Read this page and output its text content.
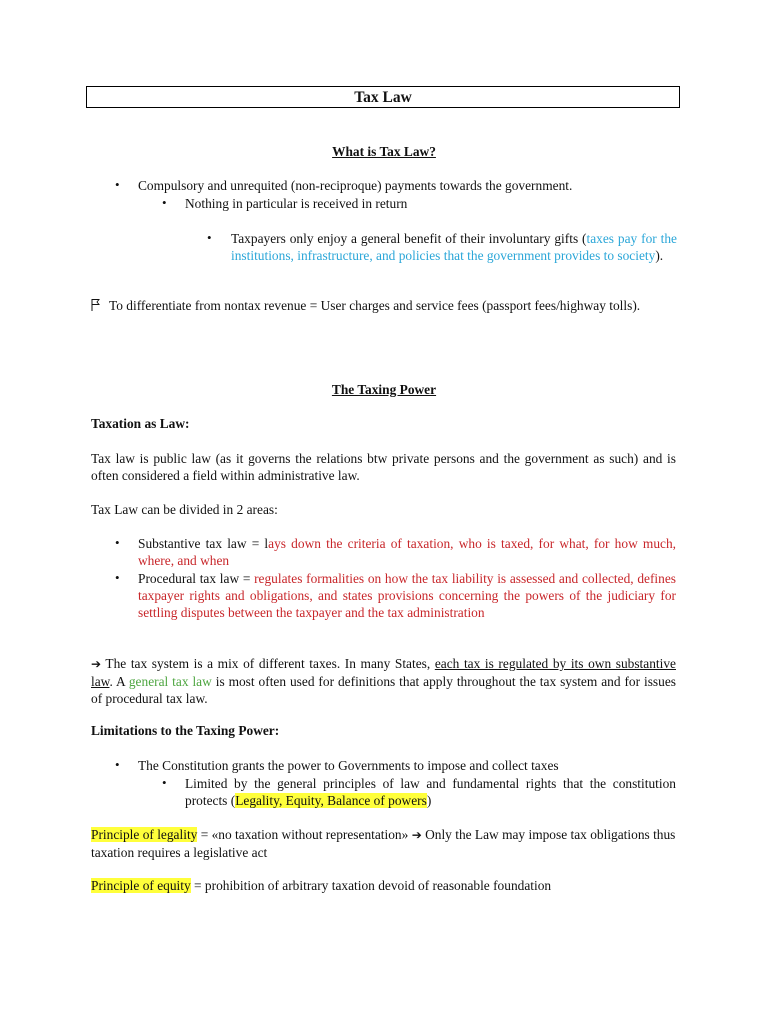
Tax Law
What is Tax Law?
• Compulsory and unrequited (non-reciproque) payments towards the government.
• Nothing in particular is received in return
• Taxpayers only enjoy a general benefit of their involuntary gifts (taxes pay for the institutions, infrastructure, and policies that the government provides to society).
To differentiate from nontax revenue = User charges and service fees (passport fees/highway tolls).
The Taxing Power
Taxation as Law:
Tax law is public law (as it governs the relations btw private persons and the government as such) and is often considered a field within administrative law.
Tax Law can be divided in 2 areas:
• Substantive tax law = lays down the criteria of taxation, who is taxed, for what, for how much, where, and when
• Procedural tax law = regulates formalities on how the tax liability is assessed and collected, defines taxpayer rights and obligations, and states provisions concerning the powers of the judiciary for settling disputes between the taxpayer and the tax administration
➔ The tax system is a mix of different taxes. In many States, each tax is regulated by its own substantive law. A general tax law is most often used for definitions that apply throughout the tax system and for issues of procedural tax law.
Limitations to the Taxing Power:
• The Constitution grants the power to Governments to impose and collect taxes
• Limited by the general principles of law and fundamental rights that the constitution protects (Legality, Equity, Balance of powers)
Principle of legality = «no taxation without representation» ➔ Only the Law may impose tax obligations thus taxation requires a legislative act
Principle of equity = prohibition of arbitrary taxation devoid of reasonable foundation
